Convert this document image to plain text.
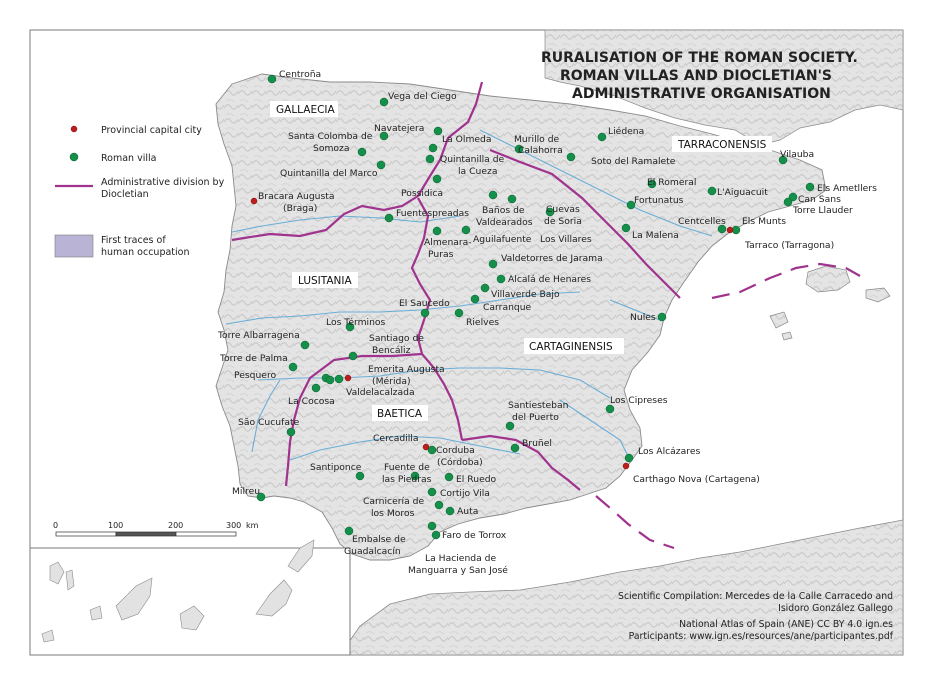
RURALISATION OF THE ROMAN SOCIETY.
ROMAN VILLAS AND DIOCLETIAN'S
ADMINISTRATIVE ORGANISATION
Provincial capital city
Roman villa
Administrative division by
Diocletian
First traces of
human occupation
GALLAECIA
TARRACONENSIS
LUSITANIA
CARTAGINENSIS
BAETICA
Centroña
Vega del Ciego
Navatejera
Santa Colomba de
Somoza
Quintanilla del Marco
Bracara Augusta
(Braga)
La Olmeda
Quintanilla de
la Cueza
Murillo de
Calahorra
Liédena
Soto del Ramalete
Vilauba
Possidica
El Romeral
L'Aiguacuit	Els Ametllers
Can Sans
Torre Llauder
Fortunatus
Fuentespreadas Baños de
Valdearados
Cuevas
de Soria	Centcelles Els Munts
Tarraco (Tarragona)
La Malena
Almenara-
Puras
Aguilafuente Los Villares
Valdetorres de Jarama
Alcalá de Henares
Villaverde Bajo
Carranque
El Saucedo
Rielves	Nules
Los Términos
Torre Albarragena	Santiago de
Bencáliz
Torre de Palma
Pesquero
Emerita Augusta
(Mérida)
Valdelacalzada
La Cocosa	Santiesteban
del Puerto
Los Cipreses
São Cucufate
Cercadilla	Bruñel
Corduba
(Córdoba)
Los Alcázares
Carthago Nova (Cartagena)
Santiponce Fuente de
las Piedras	El Ruedo
Cortijo Vila
Carnicería de
los Moros	Auta
Milreu
Faro de Torrox
Embalse de
Guadalcacín
La Hacienda de
Manguarra y San José
0	100	200	300 km
Scientific Compilation: Mercedes de la Calle Carracedo and
Isidoro González Gallego
National Atlas of Spain (ANE) CC BY 4.0 ign.es
Participants: www.ign.es/resources/ane/participantes.pdf
